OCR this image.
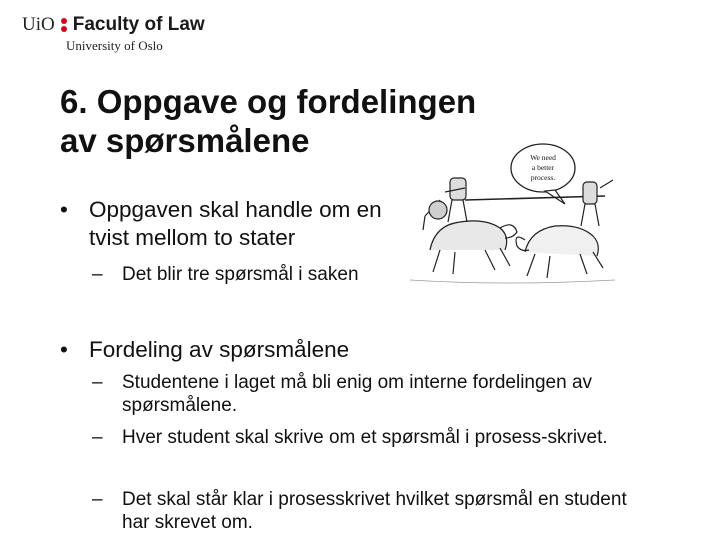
UiO Faculty of Law
University of Oslo
6. Oppgave og fordelingen
av spørsmålene
• Oppgaven skal handle om en tvist mellom to stater
– Det blir tre spørsmål i saken
• Fordeling av spørsmålene
– Studentene i laget må bli enig om interne fordelingen av spørsmålene.
– Hver student skal skrive om et spørsmål i prosess-skrivet.
– Det skal står klar i prosesskrivet hvilket spørsmål en student har skrevet om.
We need
a better
process.
